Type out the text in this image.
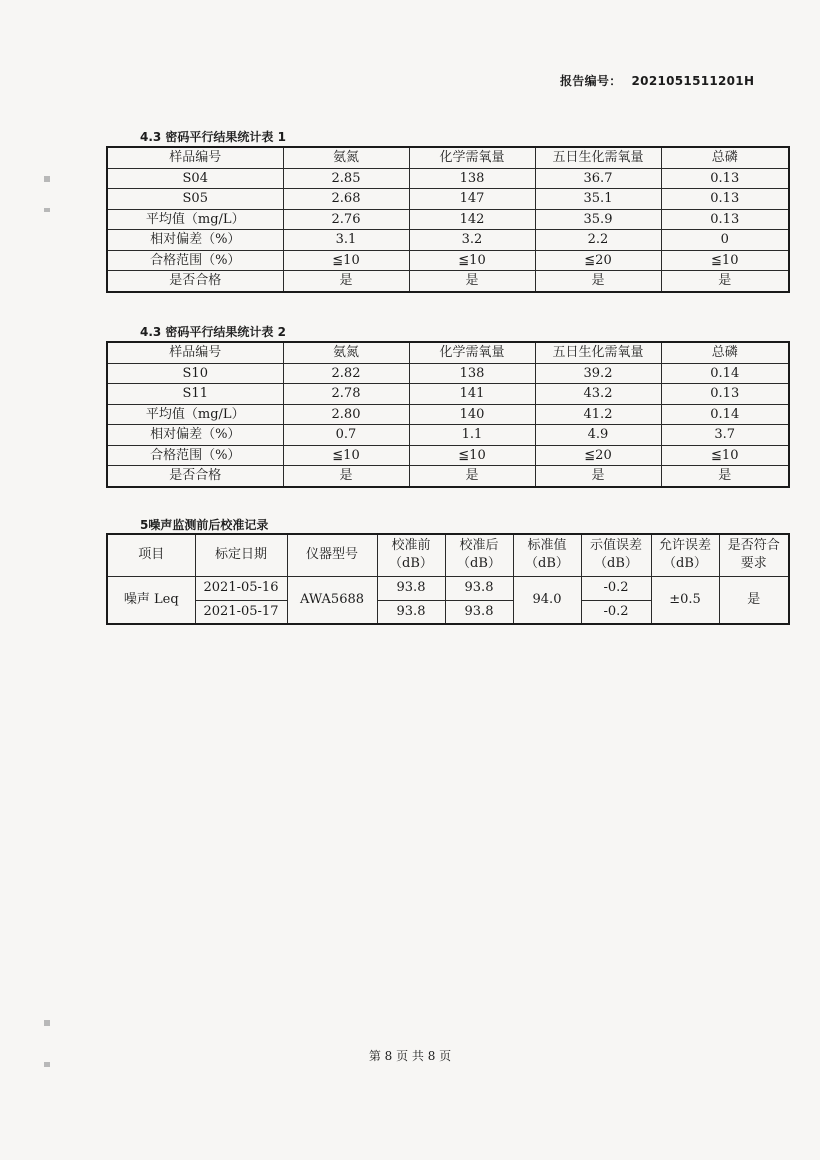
报告编号： 2021051511201H
4.3 密码平行结果统计表 1
样品编号	氨氮	化学需氧量	五日生化需氧量	总磷
S04	2.85	138	36.7	0.13
S05	2.68	147	35.1	0.13
平均值（mg/L）	2.76	142	35.9	0.13
相对偏差（%）	3.1	3.2	2.2	0
合格范围（%）	≦10	≦10	≦20	≦10
是否合格	是	是	是	是
4.3 密码平行结果统计表 2
样品编号	氨氮	化学需氧量	五日生化需氧量	总磷
S10	2.82	138	39.2	0.14
S11	2.78	141	43.2	0.13
平均值（mg/L）	2.80	140	41.2	0.14
相对偏差（%）	0.7	1.1	4.9	3.7
合格范围（%）	≦10	≦10	≦20	≦10
是否合格	是	是	是	是
5噪声监测前后校准记录
项目	标定日期	仪器型号	校准前（dB）	校准后（dB）	标准值（dB）	示值误差（dB）	允许误差（dB）	是否符合要求
噪声 Leq	2021-05-16	AWA5688	93.8	93.8	94.0	-0.2	±0.5	是
	2021-05-17		93.8	93.8		-0.2		
第 8 页 共 8 页
